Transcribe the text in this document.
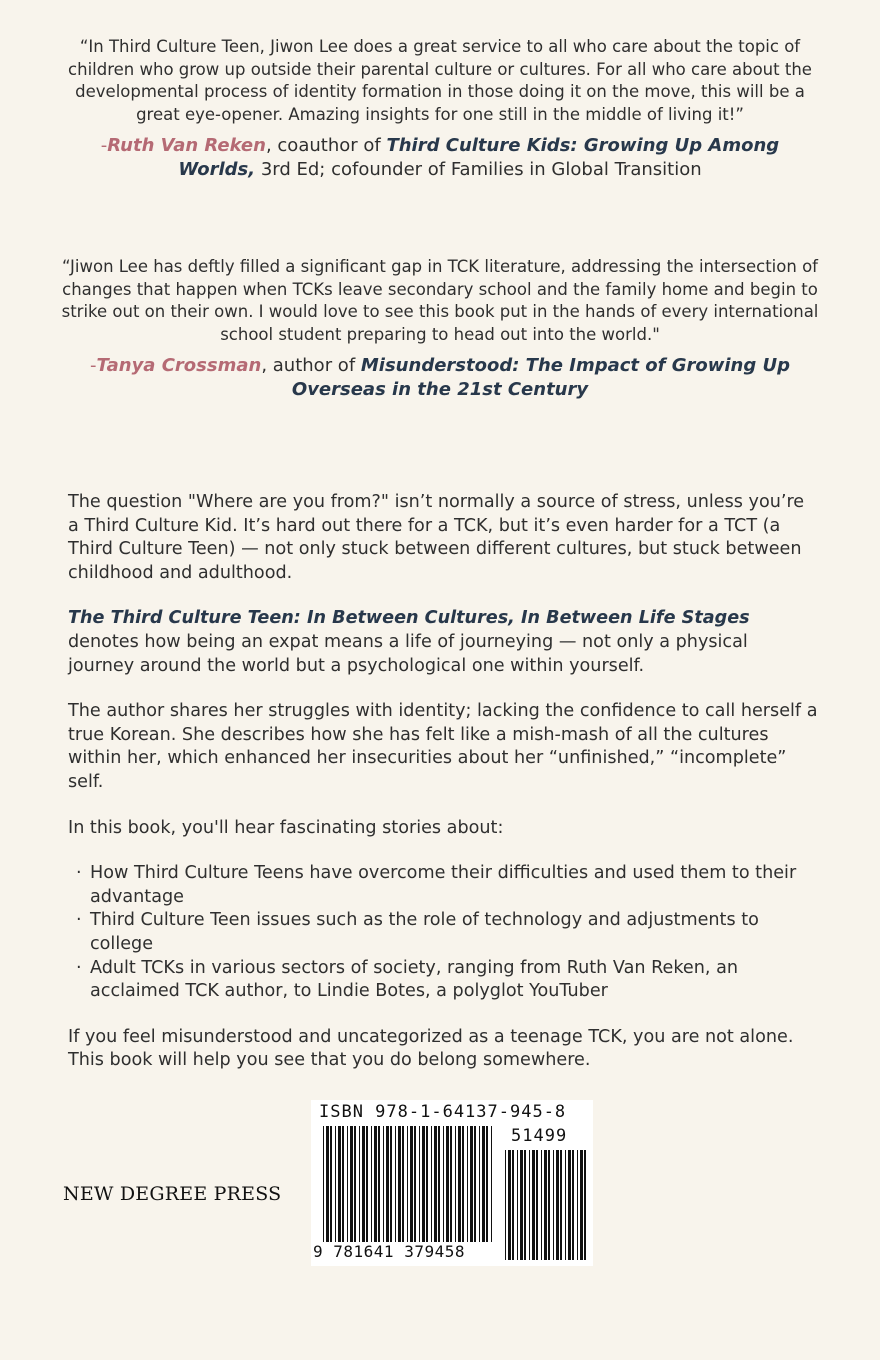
“In Third Culture Teen, Jiwon Lee does a great service to all who care about the topic of children who grow up outside their parental culture or cultures. For all who care about the developmental process of identity formation in those doing it on the move, this will be a great eye-opener. Amazing insights for one still in the middle of living it!”

-Ruth Van Reken, coauthor of Third Culture Kids: Growing Up Among Worlds, 3rd Ed; cofounder of Families in Global Transition

“Jiwon Lee has deftly filled a significant gap in TCK literature, addressing the intersection of changes that happen when TCKs leave secondary school and the family home and begin to strike out on their own. I would love to see this book put in the hands of every international school student preparing to head out into the world."

-Tanya Crossman, author of Misunderstood: The Impact of Growing Up Overseas in the 21st Century

The question "Where are you from?" isn’t normally a source of stress, unless you’re a Third Culture Kid. It’s hard out there for a TCK, but it’s even harder for a TCT (a Third Culture Teen) — not only stuck between different cultures, but stuck between childhood and adulthood.

The Third Culture Teen: In Between Cultures, In Between Life Stages denotes how being an expat means a life of journeying — not only a physical journey around the world but a psychological one within yourself.

The author shares her struggles with identity; lacking the confidence to call herself a true Korean. She describes how she has felt like a mish-mash of all the cultures within her, which enhanced her insecurities about her “unfinished,” “incomplete” self.

In this book, you'll hear fascinating stories about:

· How Third Culture Teens have overcome their difficulties and used them to their advantage
· Third Culture Teen issues such as the role of technology and adjustments to college
· Adult TCKs in various sectors of society, ranging from Ruth Van Reken, an acclaimed TCK author, to Lindie Botes, a polyglot YouTuber

If you feel misunderstood and uncategorized as a teenage TCK, you are not alone. This book will help you see that you do belong somewhere.

NEW DEGREE PRESS
ISBN 978-1-64137-945-8
51499
9 781641 379458
